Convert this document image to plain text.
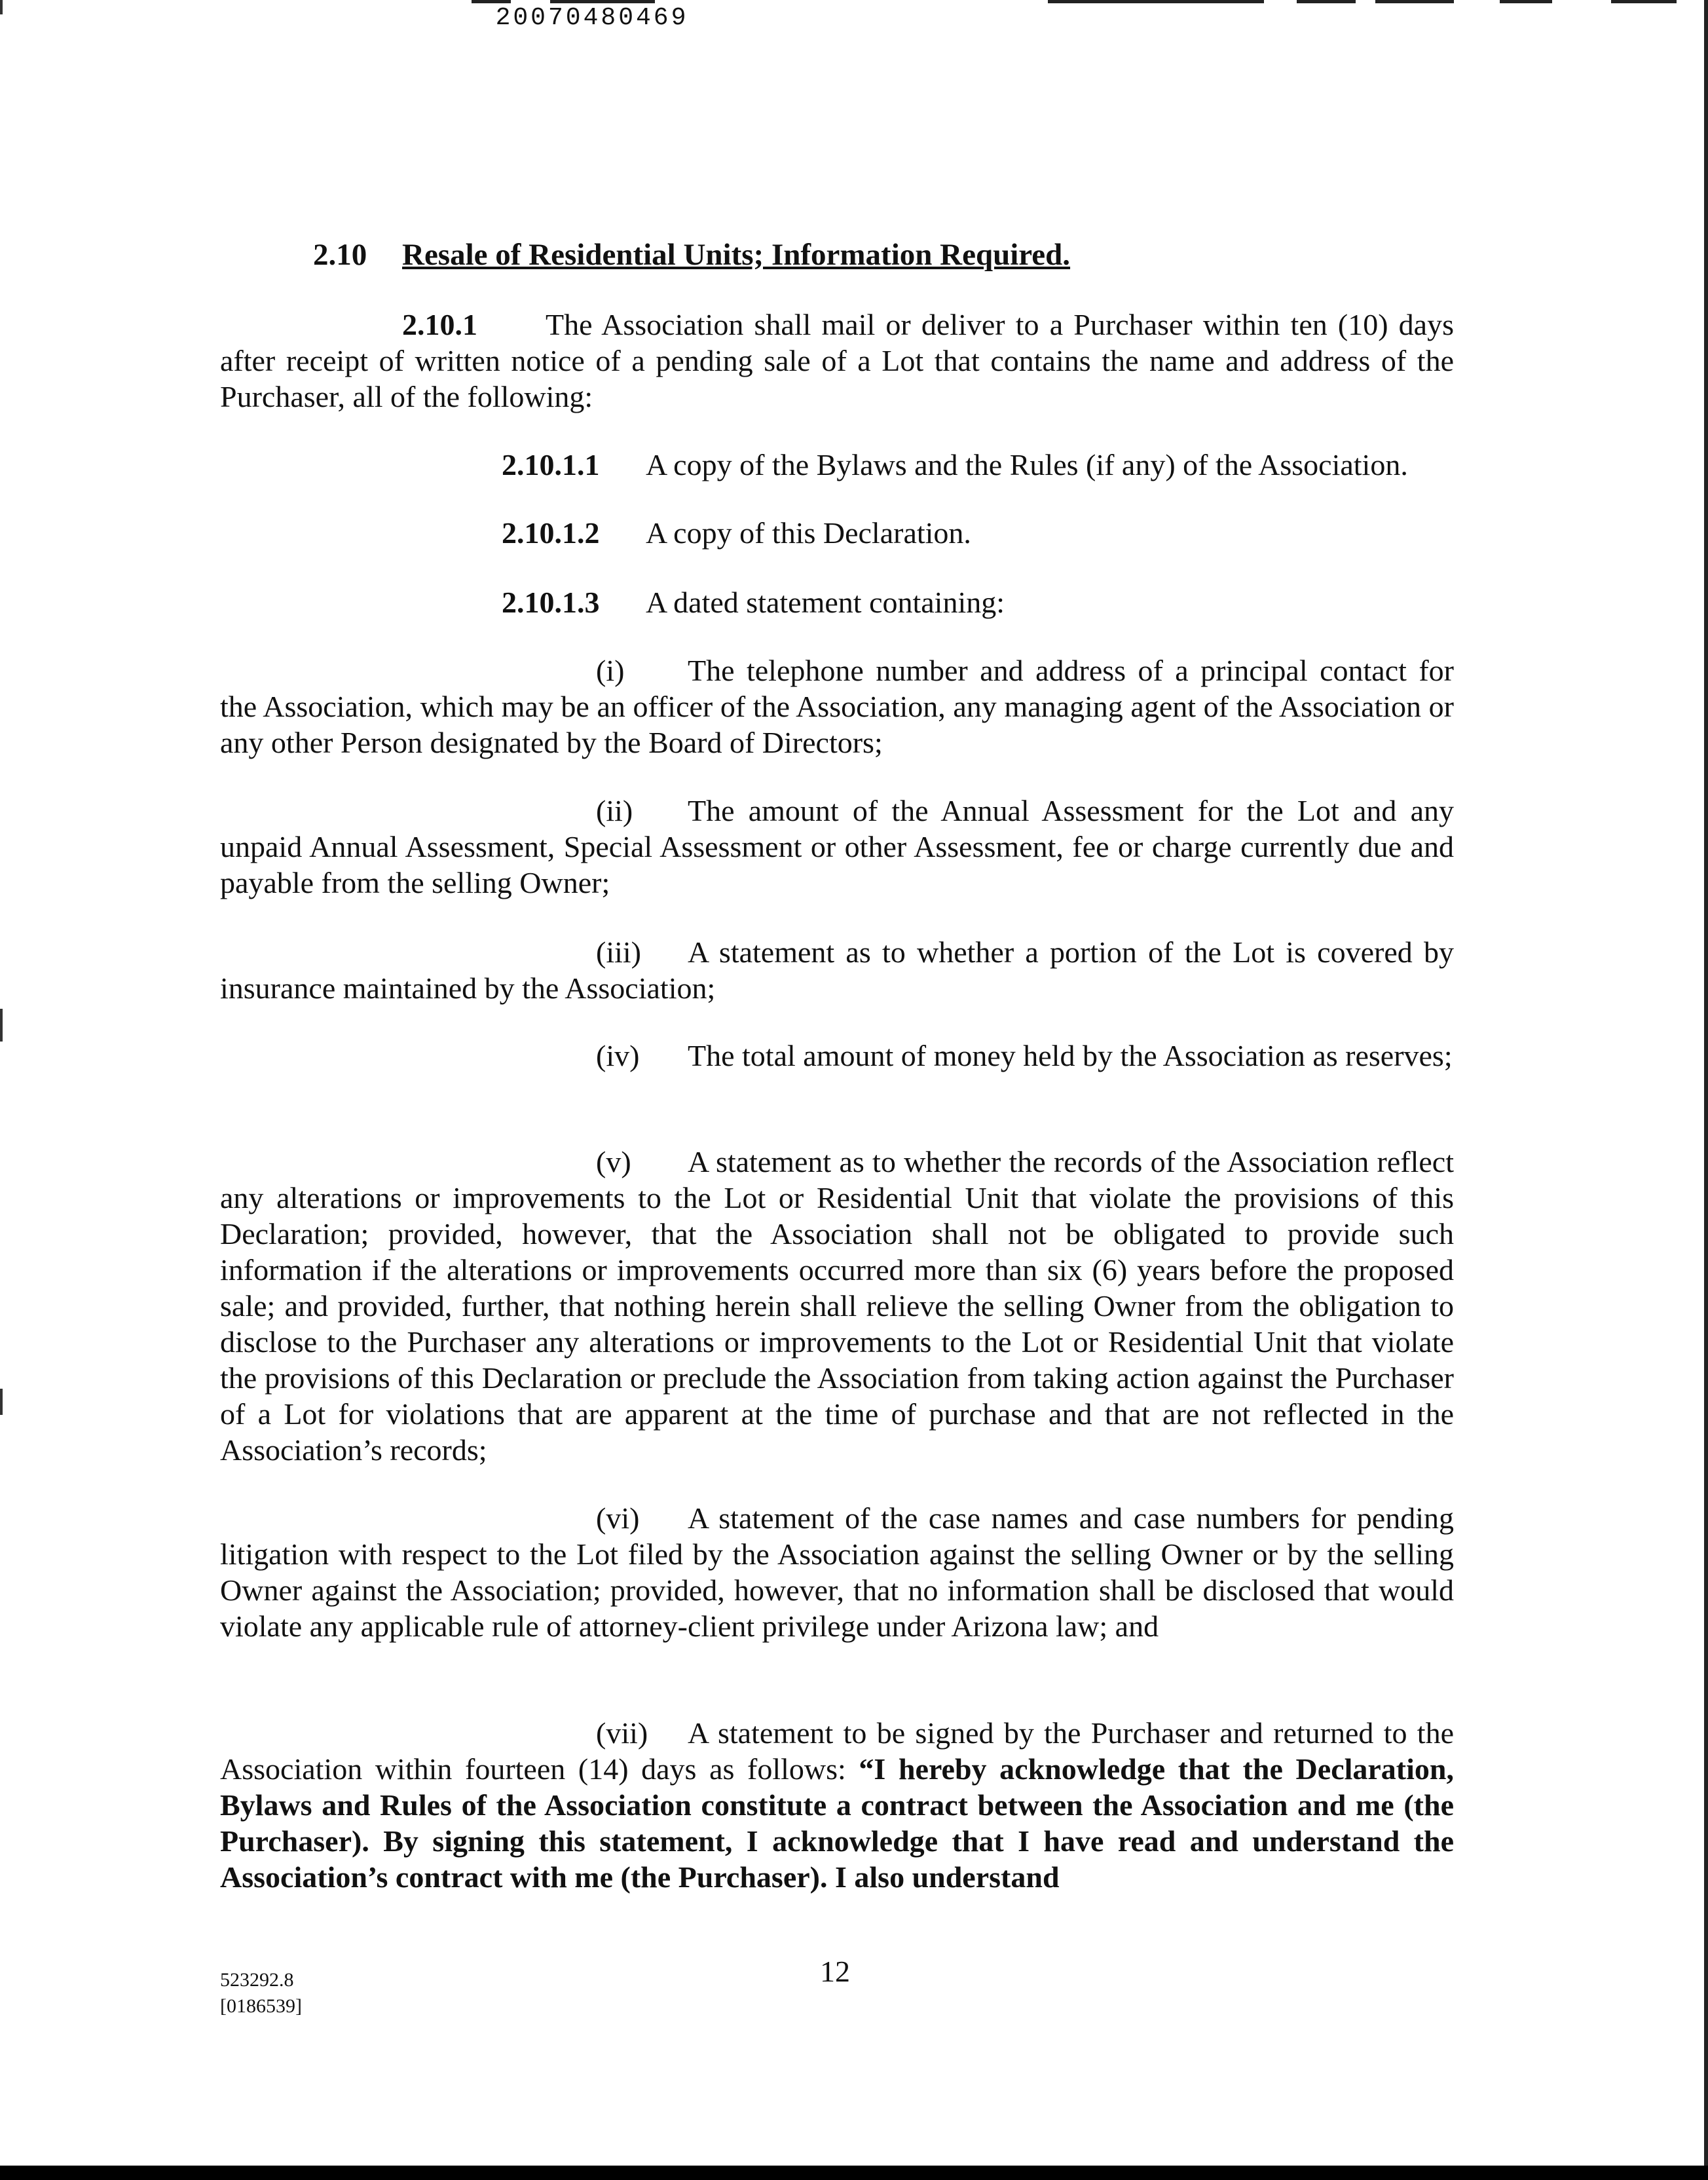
20070480469
2.10 Resale of Residential Units; Information Required.

2.10.1 The Association shall mail or deliver to a Purchaser within ten (10) days after receipt of written notice of a pending sale of a Lot that contains the name and address of the Purchaser, all of the following:

2.10.1.1 A copy of the Bylaws and the Rules (if any) of the Association.
2.10.1.2 A copy of this Declaration.
2.10.1.3 A dated statement containing:

(i) The telephone number and address of a principal contact for the Association, which may be an officer of the Association, any managing agent of the Association or any other Person designated by the Board of Directors;

(ii) The amount of the Annual Assessment for the Lot and any unpaid Annual Assessment, Special Assessment or other Assessment, fee or charge currently due and payable from the selling Owner;

(iii) A statement as to whether a portion of the Lot is covered by insurance maintained by the Association;

(iv) The total amount of money held by the Association as reserves;

(v) A statement as to whether the records of the Association reflect any alterations or improvements to the Lot or Residential Unit that violate the provisions of this Declaration; provided, however, that the Association shall not be obligated to provide such information if the alterations or improvements occurred more than six (6) years before the proposed sale; and provided, further, that nothing herein shall relieve the selling Owner from the obligation to disclose to the Purchaser any alterations or improvements to the Lot or Residential Unit that violate the provisions of this Declaration or preclude the Association from taking action against the Purchaser of a Lot for violations that are apparent at the time of purchase and that are not reflected in the Association’s records;

(vi) A statement of the case names and case numbers for pending litigation with respect to the Lot filed by the Association against the selling Owner or by the selling Owner against the Association; provided, however, that no information shall be disclosed that would violate any applicable rule of attorney-client privilege under Arizona law; and

(vii) A statement to be signed by the Purchaser and returned to the Association within fourteen (14) days as follows: “I hereby acknowledge that the Declaration, Bylaws and Rules of the Association constitute a contract between the Association and me (the Purchaser). By signing this statement, I acknowledge that I have read and understand the Association’s contract with me (the Purchaser). I also understand

523292.8
[0186539]
12
